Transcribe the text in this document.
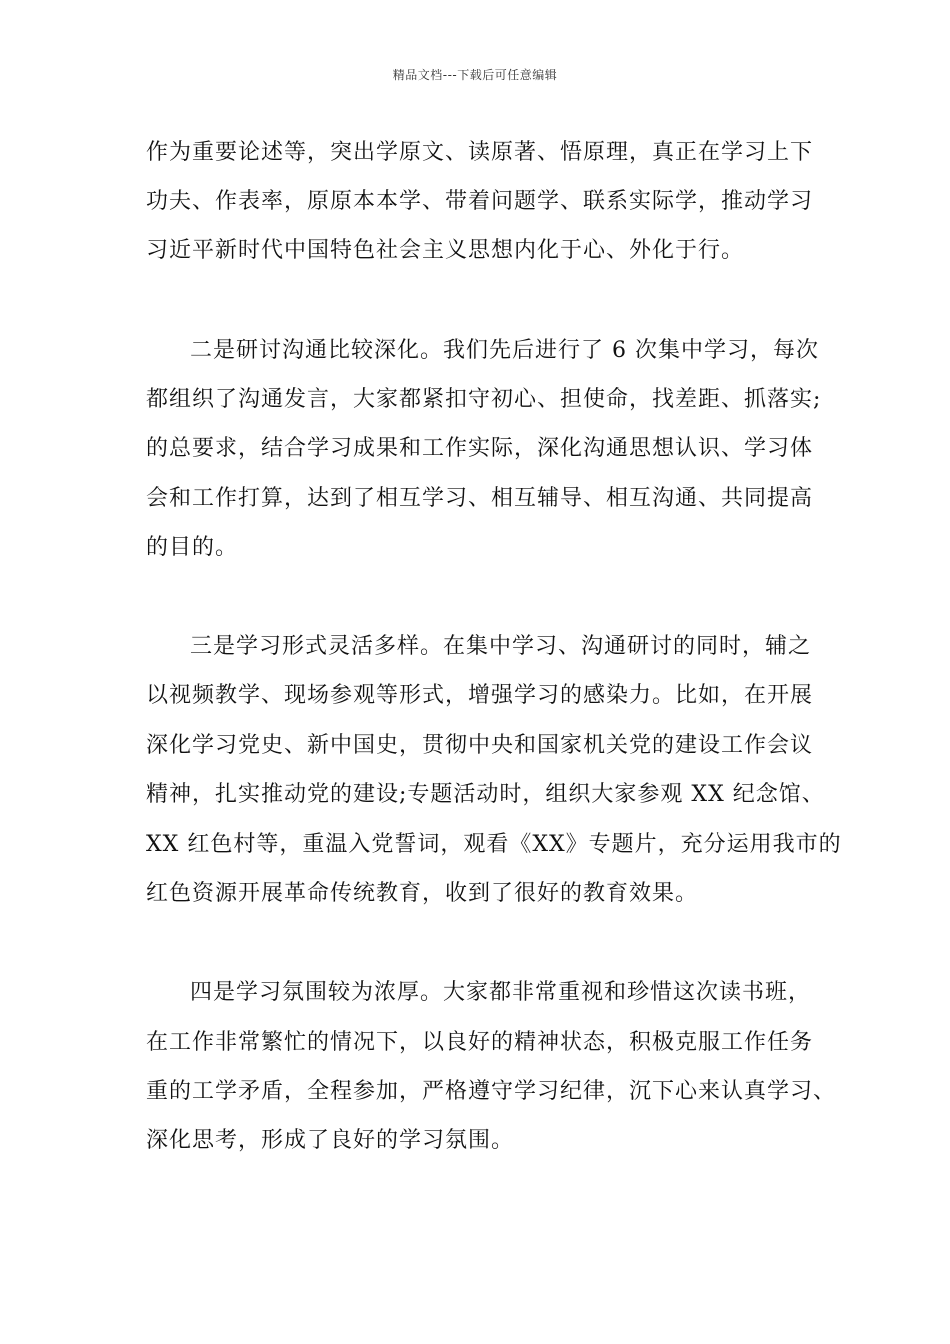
精品文档---下载后可任意编辑
作为重要论述等，突出学原文、读原著、悟原理，真正在学习上下
功夫、作表率，原原本本学、带着问题学、联系实际学，推动学习
习近平新时代中国特色社会主义思想内化于心、外化于行。
二是研讨沟通比较深化。我们先后进行了 6 次集中学习，每次
都组织了沟通发言，大家都紧扣守初心、担使命，找差距、抓落实;
的总要求，结合学习成果和工作实际，深化沟通思想认识、学习体
会和工作打算，达到了相互学习、相互辅导、相互沟通、共同提高
的目的。
三是学习形式灵活多样。在集中学习、沟通研讨的同时，辅之
以视频教学、现场参观等形式，增强学习的感染力。比如，在开展
深化学习党史、新中国史，贯彻中央和国家机关党的建设工作会议
精神，扎实推动党的建设;专题活动时，组织大家参观 XX 纪念馆、
XX 红色村等，重温入党誓词，观看《XX》专题片，充分运用我市的
红色资源开展革命传统教育，收到了很好的教育效果。
四是学习氛围较为浓厚。大家都非常重视和珍惜这次读书班，
在工作非常繁忙的情况下，以良好的精神状态，积极克服工作任务
重的工学矛盾，全程参加，严格遵守学习纪律，沉下心来认真学习、
深化思考，形成了良好的学习氛围。
